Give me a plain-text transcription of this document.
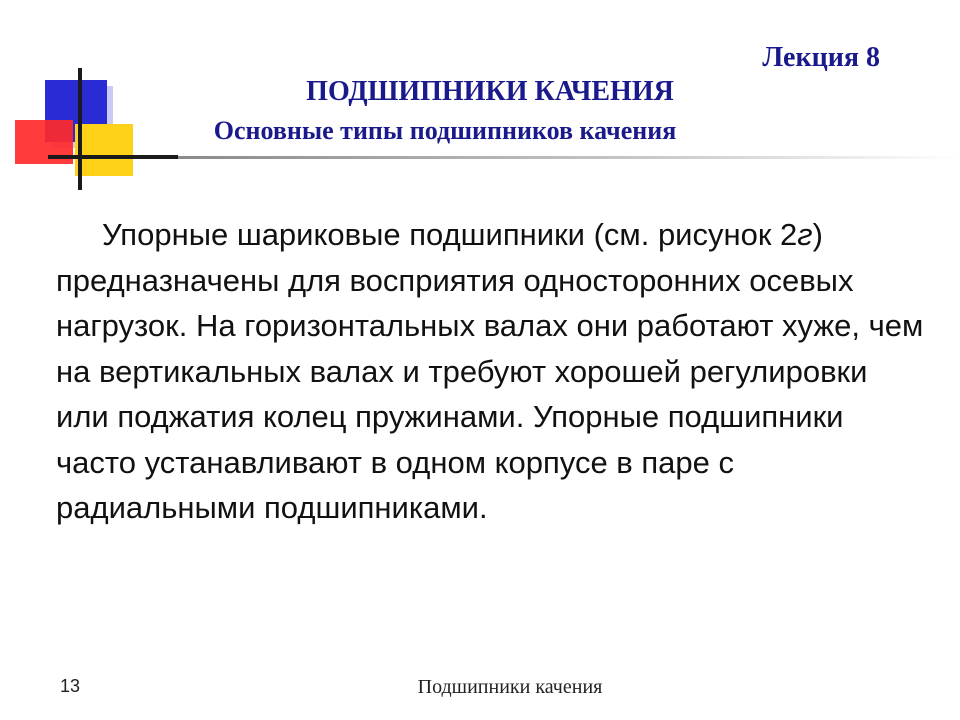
Лекция 8
ПОДШИПНИКИ КАЧЕНИЯ
Основные типы подшипников качения

Упорные шариковые подшипники (см. рисунок 2г) предназначены для восприятия односторонних осевых нагрузок. На горизонтальных валах они работают хуже, чем на вертикальных валах и требуют хорошей регулировки или поджатия колец пружинами. Упорные подшипники часто устанавливают в одном корпусе в паре с радиальными подшипниками.

13	Подшипники качения
